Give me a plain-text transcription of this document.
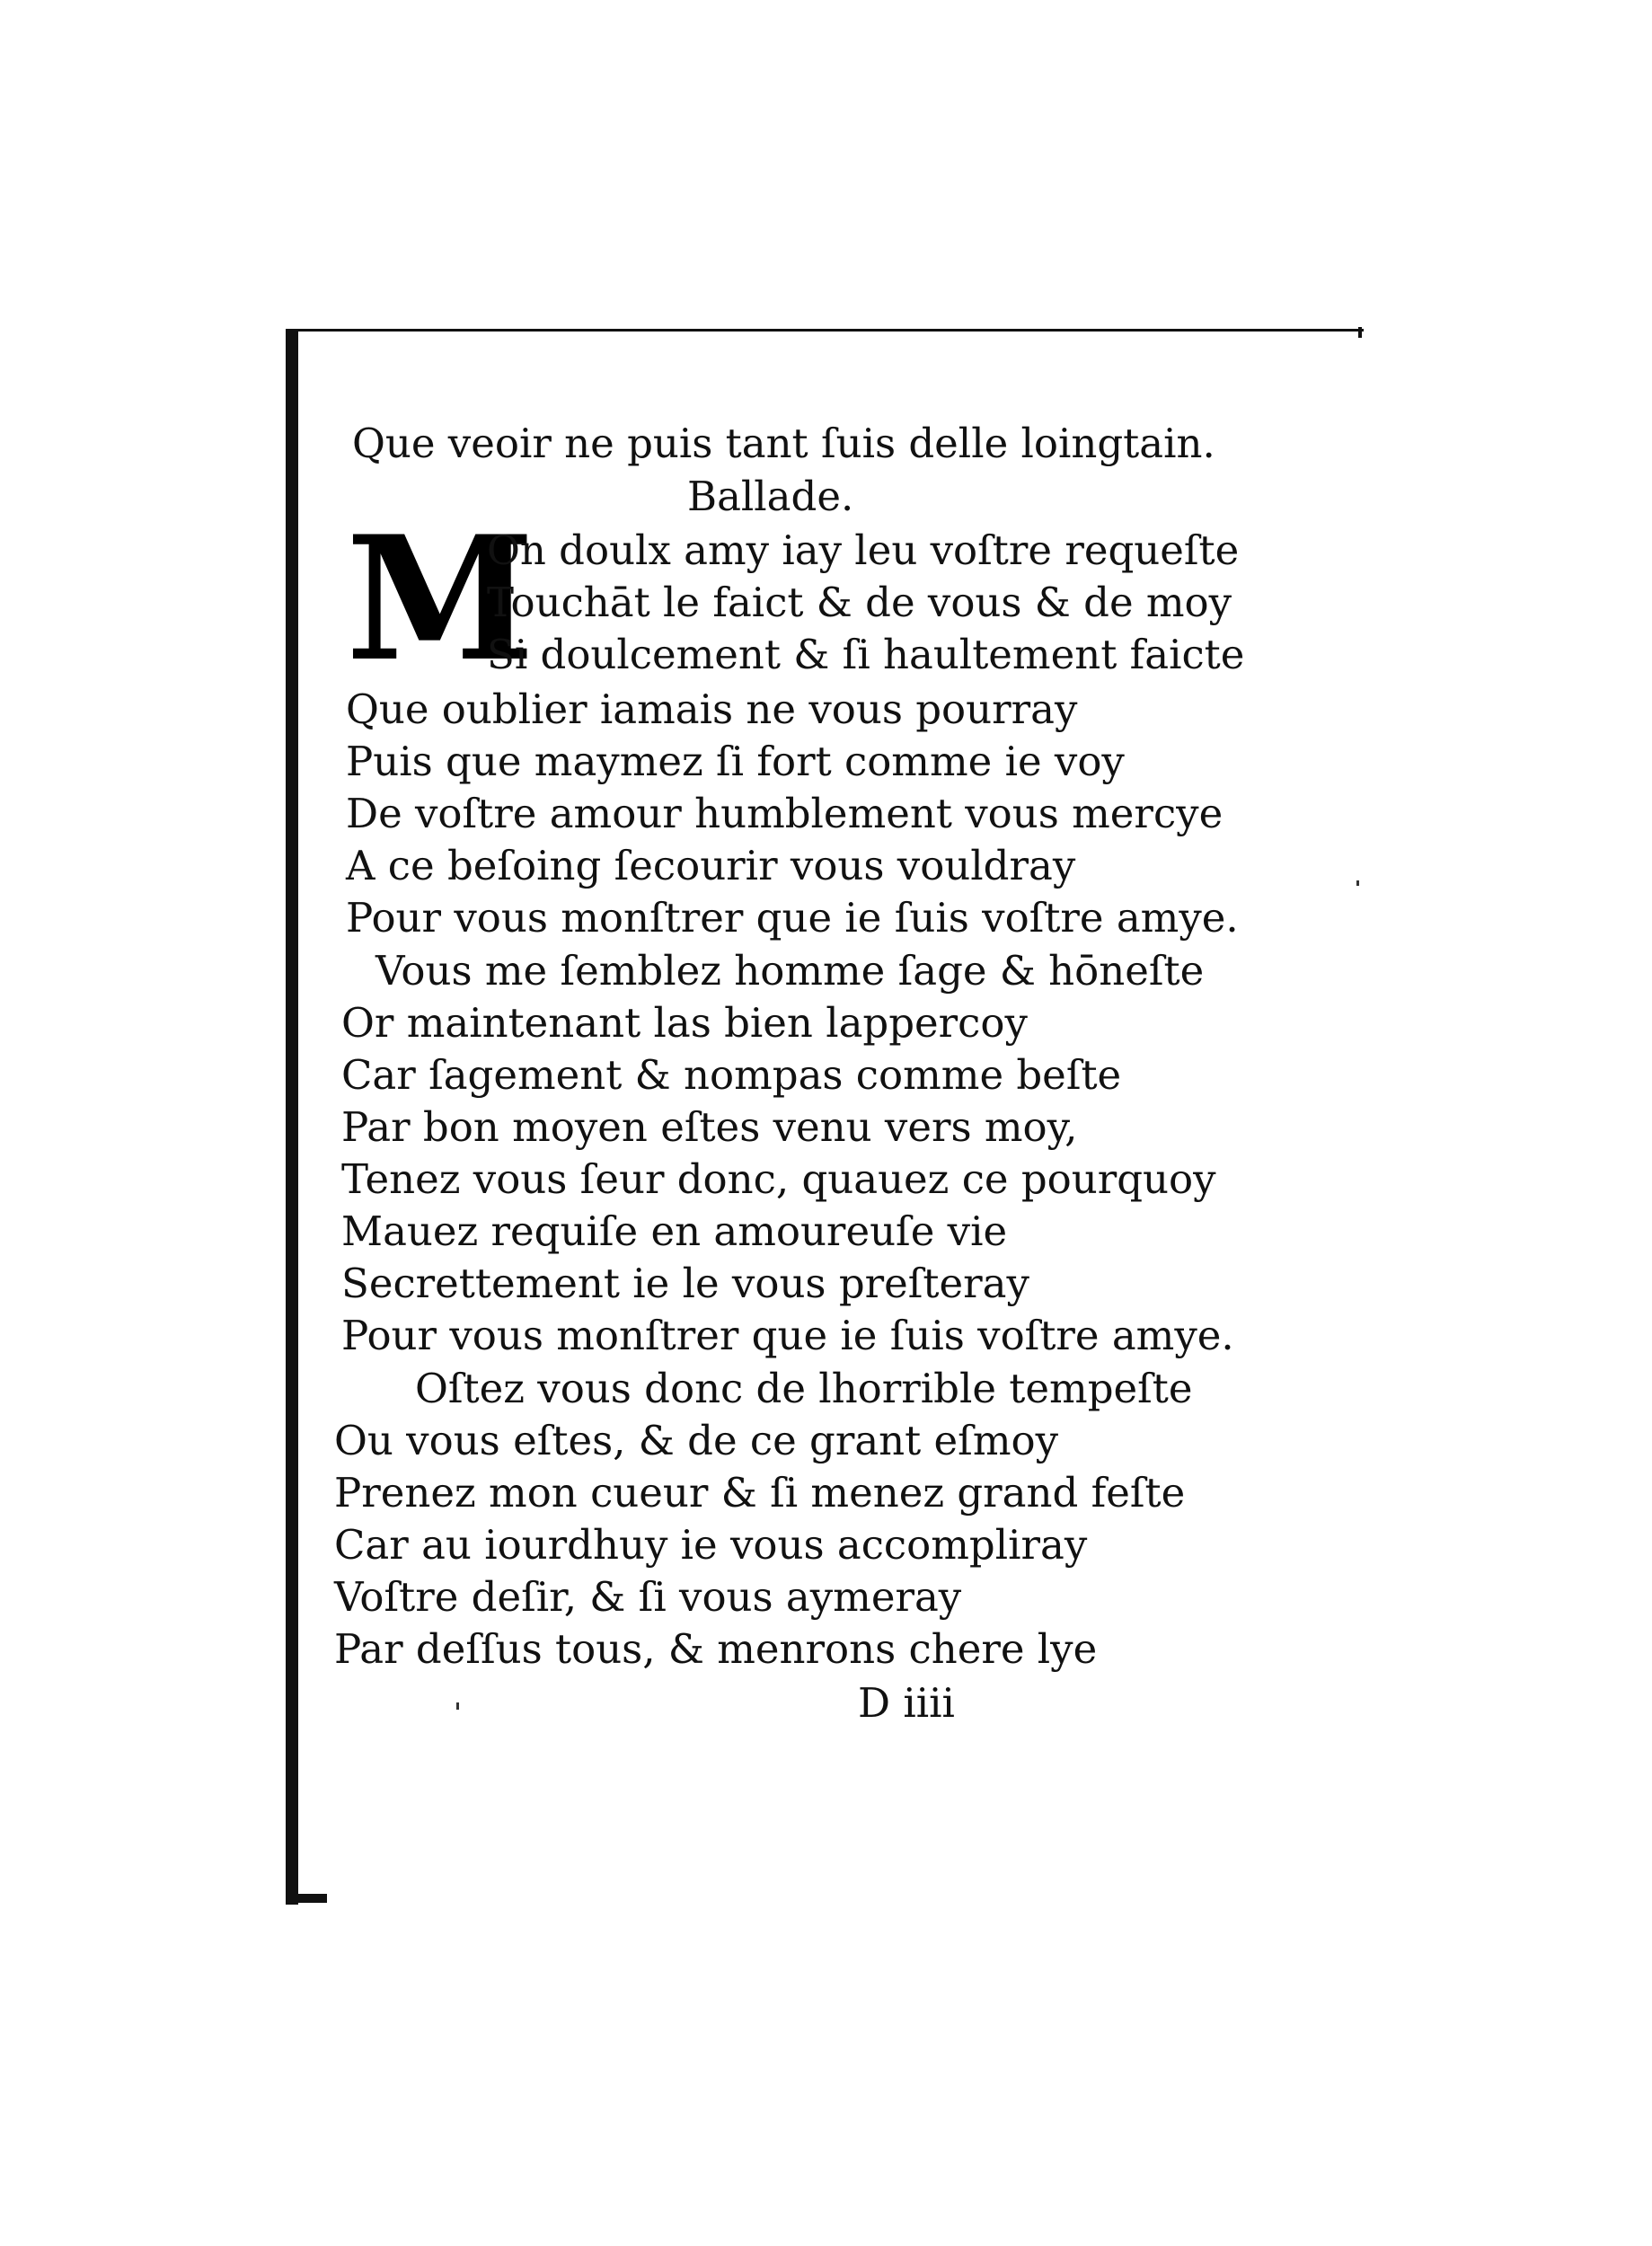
Que veoir ne puis tant ſuis delle loingtain.
Ballade.
M
On doulx amy iay leu voſtre requeſte
Touchāt le faict & de vous & de moy
Si doulcement & ſi haultement faicte
Que oublier iamais ne vous pourray
Puis que maymez ſi fort comme ie voy
De voſtre amour humblement vous mercye
A ce beſoing ſecourir vous vouldray
Pour vous monſtrer que ie ſuis voſtre amye.
Vous me ſemblez homme ſage & hōneſte
Or maintenant las bien lappercoy
Car ſagement & nompas comme beſte
Par bon moyen eſtes venu vers moy,
Tenez vous ſeur donc, quauez ce pourquoy
Mauez requiſe en amoureuſe vie
Secrettement ie le vous preſteray
Pour vous monſtrer que ie ſuis voſtre amye.
Oſtez vous donc de lhorrible tempeſte
Ou vous eſtes, & de ce grant eſmoy
Prenez mon cueur & ſi menez grand feſte
Car au iourdhuy ie vous accompliray
Voſtre deſir, & ſi vous aymeray
Par deſſus tous, & menrons chere lye
D iiii
